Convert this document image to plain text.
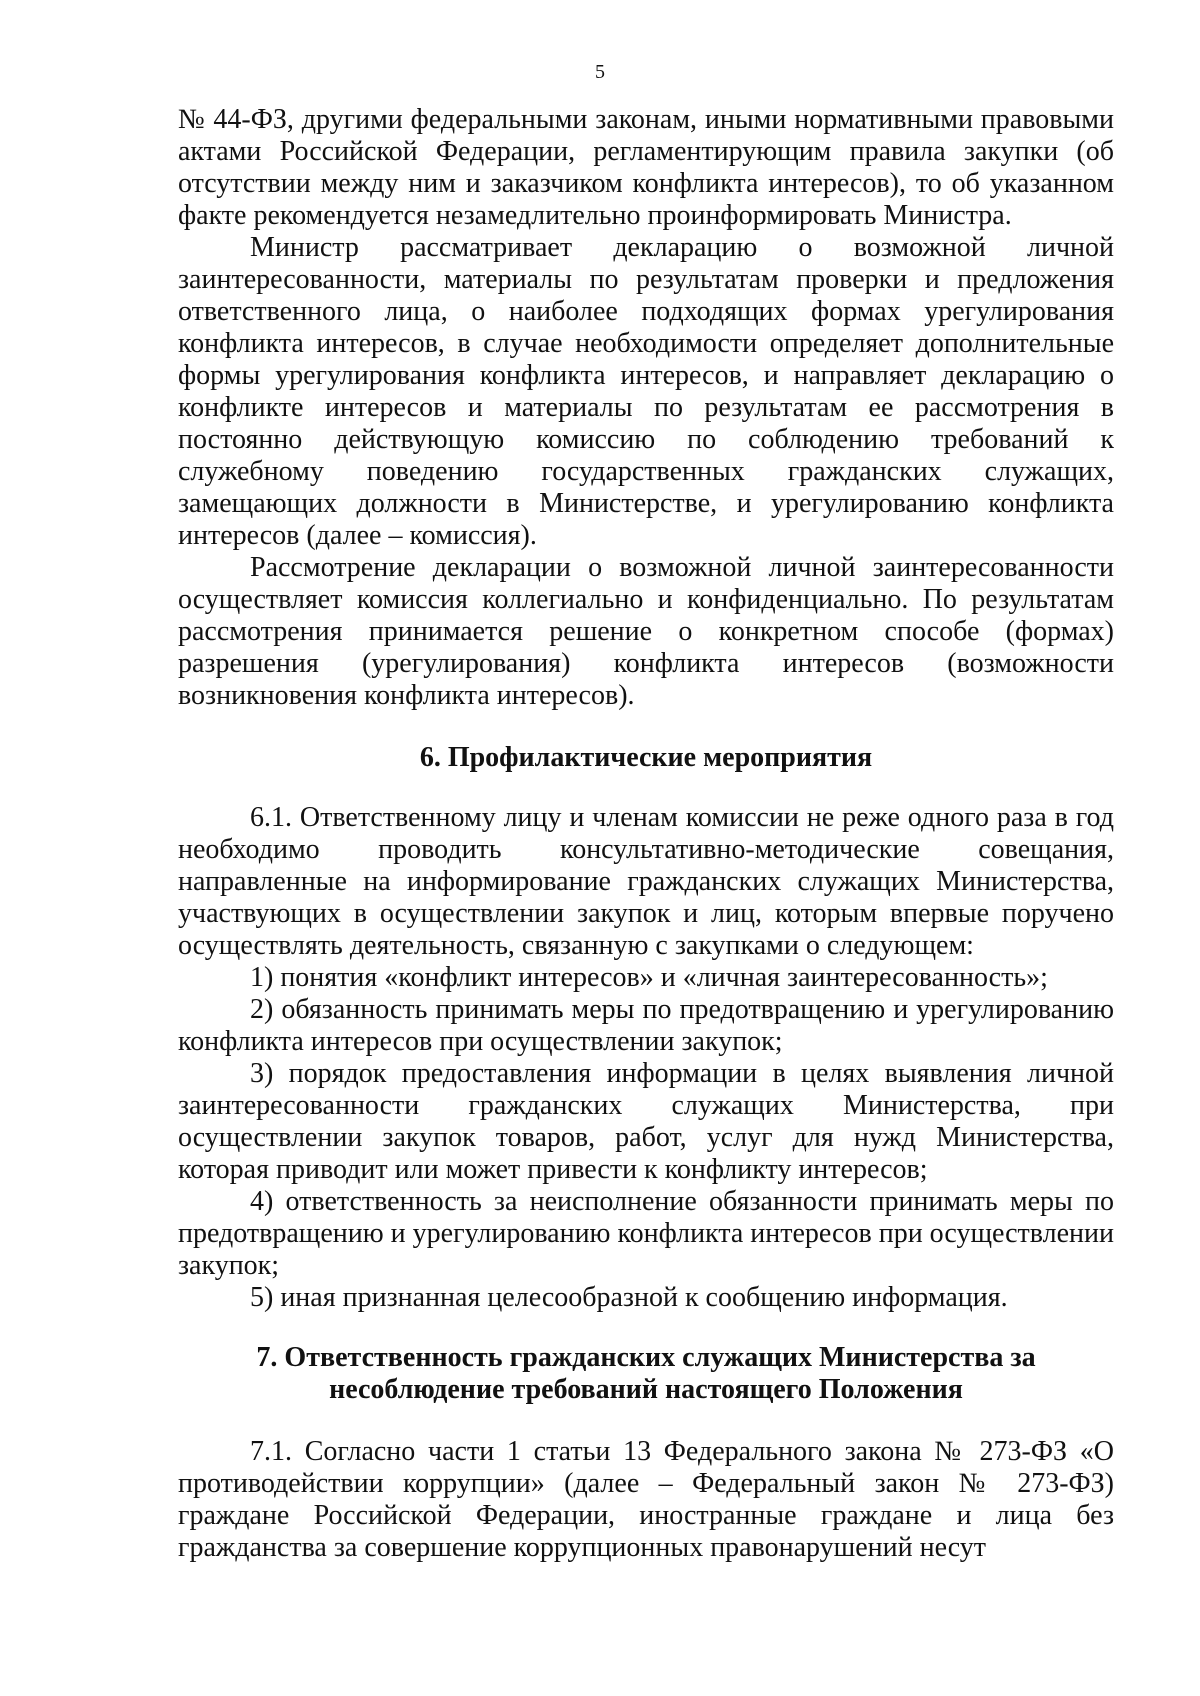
5

№ 44-ФЗ, другими федеральными законам, иными нормативными правовыми актами Российской Федерации, регламентирующим правила закупки (об отсутствии между ним и заказчиком конфликта интересов), то об указанном факте рекомендуется незамедлительно проинформировать Министра.

Министр рассматривает декларацию о возможной личной заинтересованности, материалы по результатам проверки и предложения ответственного лица, о наиболее подходящих формах урегулирования конфликта интересов, в случае необходимости определяет дополнительные формы урегулирования конфликта интересов, и направляет декларацию о конфликте интересов и материалы по результатам ее рассмотрения в постоянно действующую комиссию по соблюдению требований к служебному поведению государственных гражданских служащих, замещающих должности в Министерстве, и урегулированию конфликта интересов (далее – комиссия).

Рассмотрение декларации о возможной личной заинтересованности осуществляет комиссия коллегиально и конфиденциально. По результатам рассмотрения принимается решение о конкретном способе (формах) разрешения (урегулирования) конфликта интересов (возможности возникновения конфликта интересов).

6. Профилактические мероприятия

6.1. Ответственному лицу и членам комиссии не реже одного раза в год необходимо проводить консультативно-методические совещания, направленные на информирование гражданских служащих Министерства, участвующих в осуществлении закупок и лиц, которым впервые поручено осуществлять деятельность, связанную с закупками о следующем:

1) понятия «конфликт интересов» и «личная заинтересованность»;

2) обязанность принимать меры по предотвращению и урегулированию конфликта интересов при осуществлении закупок;

3) порядок предоставления информации в целях выявления личной заинтересованности гражданских служащих Министерства, при осуществлении закупок товаров, работ, услуг для нужд Министерства, которая приводит или может привести к конфликту интересов;

4) ответственность за неисполнение обязанности принимать меры по предотвращению и урегулированию конфликта интересов при осуществлении закупок;

5) иная признанная целесообразной к сообщению информация.

7. Ответственность гражданских служащих Министерства за
несоблюдение требований настоящего Положения

7.1. Согласно части 1 статьи 13 Федерального закона № 273-ФЗ «О противодействии коррупции» (далее – Федеральный закон № 273-ФЗ) граждане Российской Федерации, иностранные граждане и лица без гражданства за совершение коррупционных правонарушений несут
